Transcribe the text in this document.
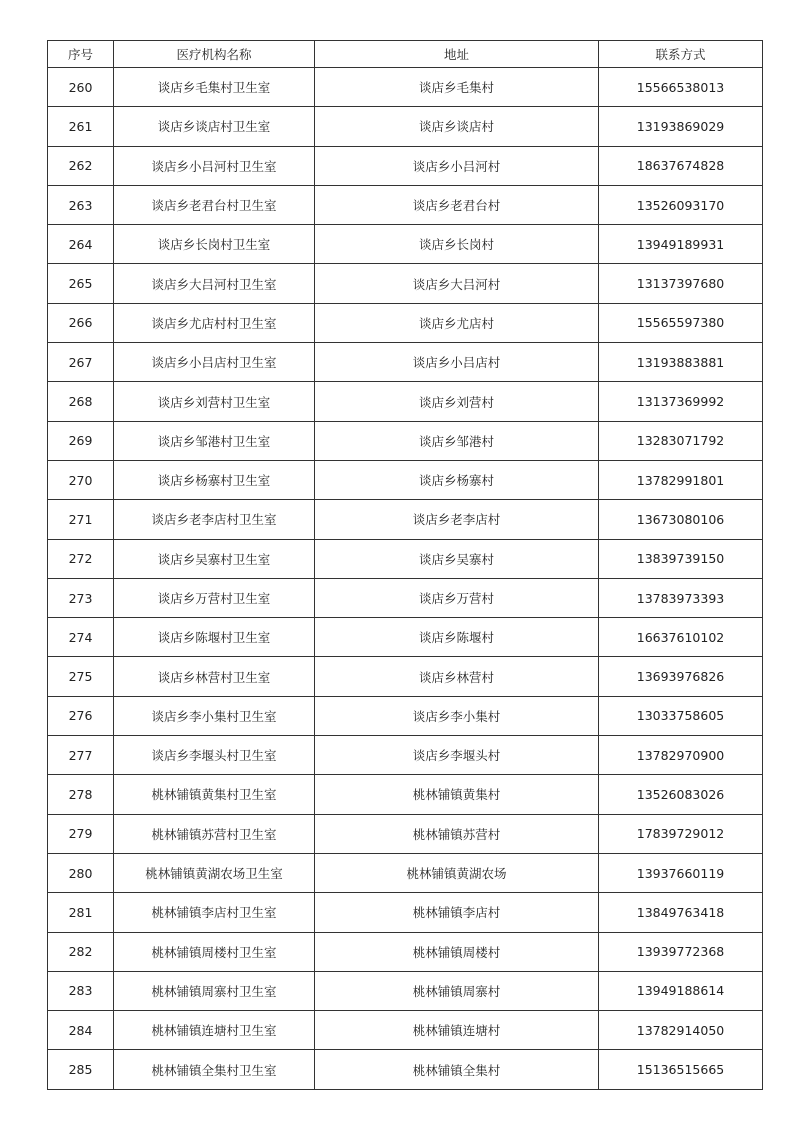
序号	医疗机构名称	地址	联系方式
260	谈店乡毛集村卫生室	谈店乡毛集村	15566538013
261	谈店乡谈店村卫生室	谈店乡谈店村	13193869029
262	谈店乡小吕河村卫生室	谈店乡小吕河村	18637674828
263	谈店乡老君台村卫生室	谈店乡老君台村	13526093170
264	谈店乡长岗村卫生室	谈店乡长岗村	13949189931
265	谈店乡大吕河村卫生室	谈店乡大吕河村	13137397680
266	谈店乡尤店村村卫生室	谈店乡尤店村	15565597380
267	谈店乡小吕店村卫生室	谈店乡小吕店村	13193883881
268	谈店乡刘营村卫生室	谈店乡刘营村	13137369992
269	谈店乡邹港村卫生室	谈店乡邹港村	13283071792
270	谈店乡杨寨村卫生室	谈店乡杨寨村	13782991801
271	谈店乡老李店村卫生室	谈店乡老李店村	13673080106
272	谈店乡吴寨村卫生室	谈店乡吴寨村	13839739150
273	谈店乡万营村卫生室	谈店乡万营村	13783973393
274	谈店乡陈堰村卫生室	谈店乡陈堰村	16637610102
275	谈店乡林营村卫生室	谈店乡林营村	13693976826
276	谈店乡李小集村卫生室	谈店乡李小集村	13033758605
277	谈店乡李堰头村卫生室	谈店乡李堰头村	13782970900
278	桃林铺镇黄集村卫生室	桃林铺镇黄集村	13526083026
279	桃林铺镇苏营村卫生室	桃林铺镇苏营村	17839729012
280	桃林铺镇黄湖农场卫生室	桃林铺镇黄湖农场	13937660119
281	桃林铺镇李店村卫生室	桃林铺镇李店村	13849763418
282	桃林铺镇周楼村卫生室	桃林铺镇周楼村	13939772368
283	桃林铺镇周寨村卫生室	桃林铺镇周寨村	13949188614
284	桃林铺镇连塘村卫生室	桃林铺镇连塘村	13782914050
285	桃林铺镇全集村卫生室	桃林铺镇全集村	15136515665
